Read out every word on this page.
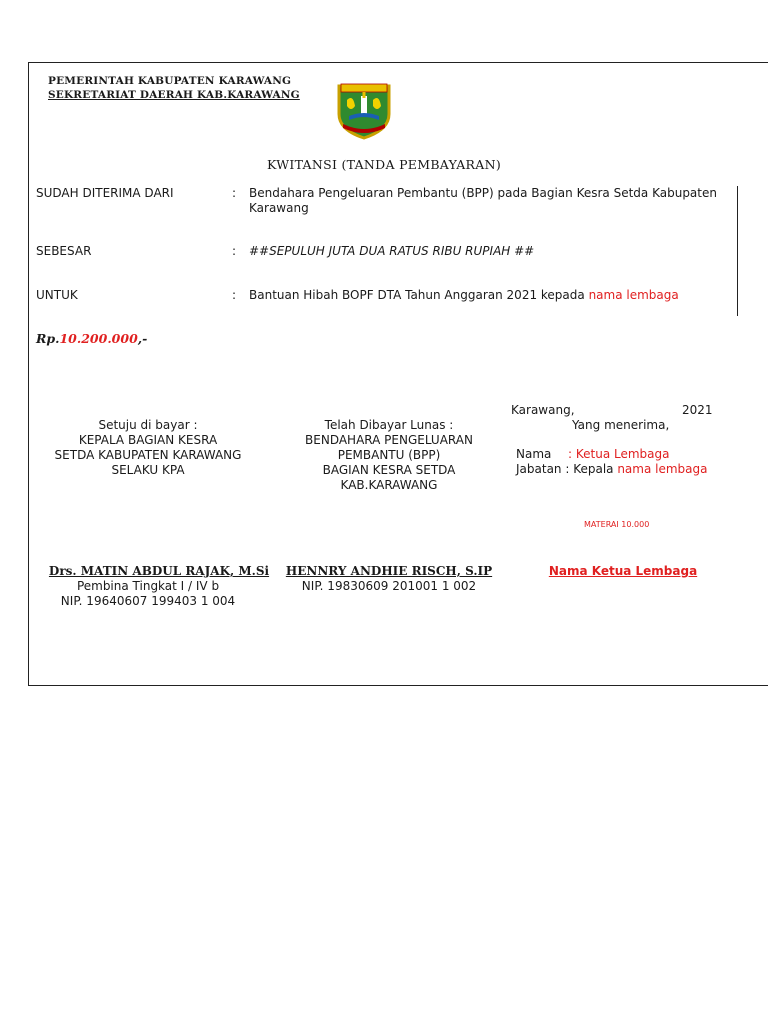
PEMERINTAH KABUPATEN KARAWANG
SEKRETARIAT DAERAH KAB.KARAWANG
KWITANSI (TANDA PEMBAYARAN)
SUDAH DITERIMA DARI	: Bendahara Pengeluaran Pembantu (BPP) pada Bagian Kesra Setda Kabupaten
Karawang
SEBESAR	: ##SEPULUH JUTA DUA RATUS RIBU RUPIAH ##
UNTUK	: Bantuan Hibah BOPF DTA Tahun Anggaran 2021 kepada nama lembaga
Rp.10.200.000,-
Setuju di bayar :
KEPALA BAGIAN KESRA
SETDA KABUPATEN KARAWANG
SELAKU KPA
Drs. MATIN ABDUL RAJAK, M.Si
Pembina Tingkat I / IV b
NIP. 19640607 199403 1 004
Telah Dibayar Lunas :
BENDAHARA PENGELUARAN
PEMBANTU (BPP)
BAGIAN KESRA SETDA
KAB.KARAWANG
HENNRY ANDHIE RISCH, S.IP
NIP. 19830609 201001 1 002
Karawang,	2021
Yang menerima,
Nama : Ketua Lembaga
Jabatan : Kepala nama lembaga
MATERAI 10.000
Nama Ketua Lembaga
